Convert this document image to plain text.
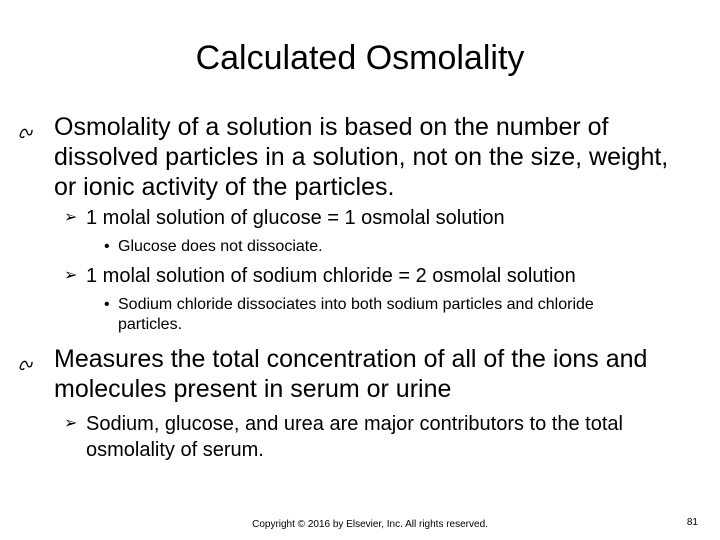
Calculated Osmolality
Osmolality of a solution is based on the number of dissolved particles in a solution, not on the size, weight, or ionic activity of the particles.
➢ 1 molal solution of glucose = 1 osmolal solution
• Glucose does not dissociate.
➢ 1 molal solution of sodium chloride = 2 osmolal solution
• Sodium chloride dissociates into both sodium particles and chloride particles.
Measures the total concentration of all of the ions and molecules present in serum or urine
➢ Sodium, glucose, and urea are major contributors to the total osmolality of serum.
Copyright © 2016 by Elsevier, Inc. All rights reserved.	81
